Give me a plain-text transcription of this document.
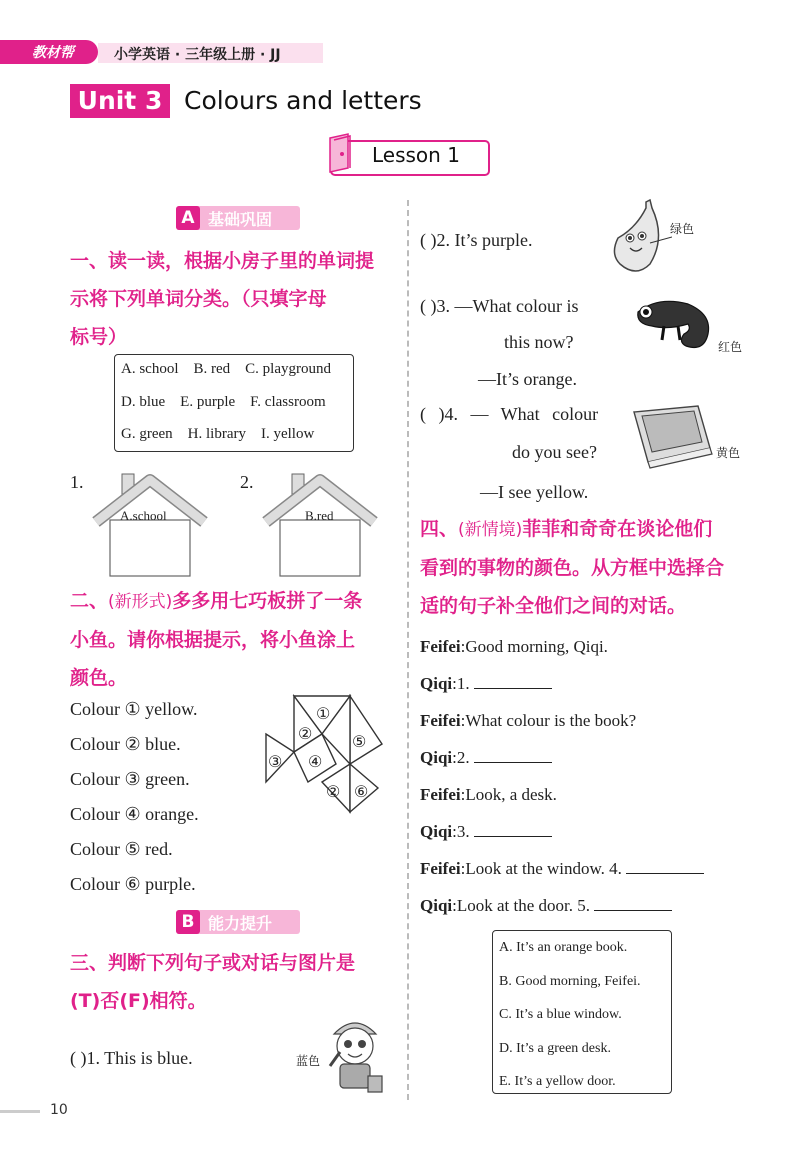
教材帮	小学英语 · 三年级上册 · JJ
Unit 3 Colours and letters
Lesson 1
A 基础巩固
一、读一读，根据小房子里的单词提
示将下列单词分类。（只填字母
标号）
A. school B. red C. playground
D. blue E. purple F. classroom
G. green H. library I. yellow
1.
A.school
2.
B.red
二、(新形式)多多用七巧板拼了一条
小鱼。请你根据提示，将小鱼涂上
颜色。
Colour ① yellow.
Colour ② blue.
Colour ③ green.
Colour ④ orange.
Colour ⑤ red.
Colour ⑥ purple.
①
② ⑤
③ ④
② ⑥
B 能力提升
三、判断下列句子或对话与图片是
(T)否(F)相符。
( )1. This is blue.	蓝色
( )2. It’s purple.
绿色
( )3. —What colour is
this now?
—It’s orange.
红色
( )4. — What colour
do you see?
—I see yellow.
黄色
四、(新情境)菲菲和奇奇在谈论他们
看到的事物的颜色。从方框中选择合
适的句子补全他们之间的对话。
Feifei:Good morning, Qiqi.
Qiqi:1.
Feifei:What colour is the book?
Qiqi:2.
Feifei:Look, a desk.
Qiqi:3.
Feifei:Look at the window. 4.
Qiqi:Look at the door. 5.
A. It’s an orange book.
B. Good morning, Feifei.
C. It’s a blue window.
D. It’s a green desk.
E. It’s a yellow door.
10
